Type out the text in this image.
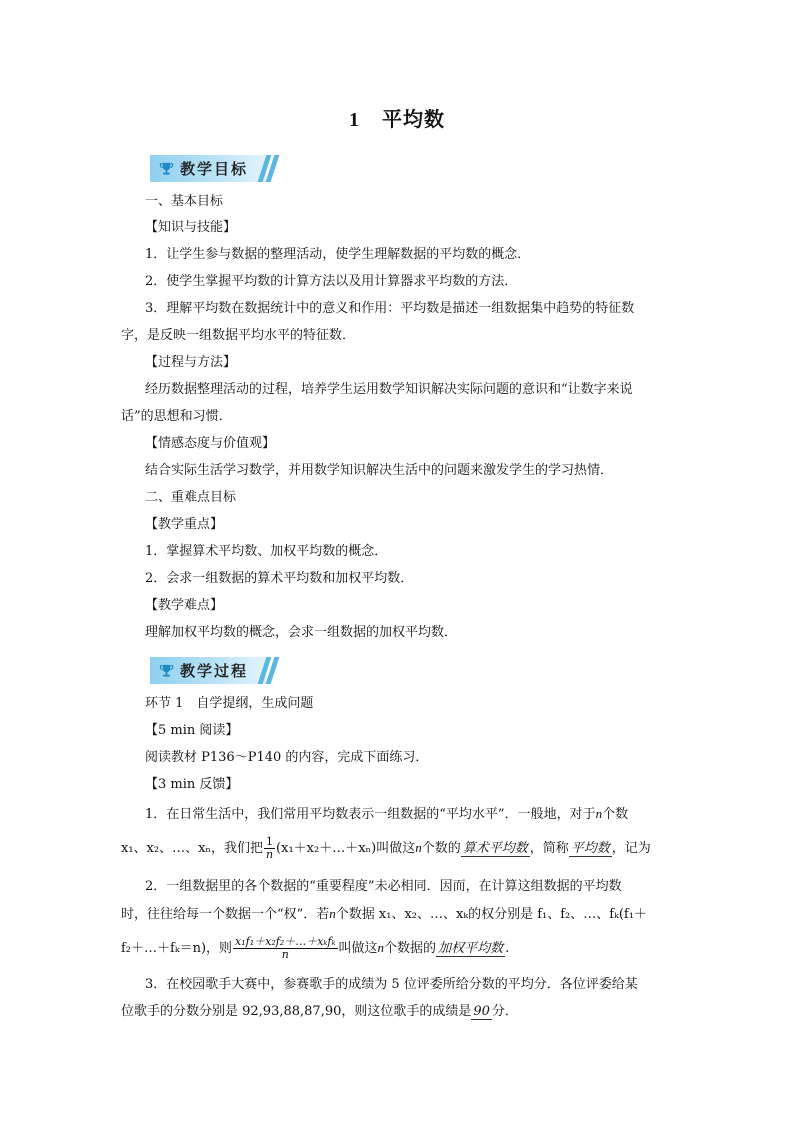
1 平均数
教学目标
一、基本目标
【知识与技能】
1．让学生参与数据的整理活动，使学生理解数据的平均数的概念．
2．使学生掌握平均数的计算方法以及用计算器求平均数的方法．
3．理解平均数在数据统计中的意义和作用：平均数是描述一组数据集中趋势的特征数
字，是反映一组数据平均水平的特征数．
【过程与方法】
经历数据整理活动的过程，培养学生运用数学知识解决实际问题的意识和“让数字来说
话”的思想和习惯．
【情感态度与价值观】
结合实际生活学习数学，并用数学知识解决生活中的问题来激发学生的学习热情．
二、重难点目标
【教学重点】
1．掌握算术平均数、加权平均数的概念．
2．会求一组数据的算术平均数和加权平均数．
【教学难点】
理解加权平均数的概念，会求一组数据的加权平均数．
教学过程
环节 1　自学提纲，生成问题
【5 min 阅读】
阅读教材 P136～P140 的内容，完成下面练习．
【3 min 反馈】
1．在日常生活中，我们常用平均数表示一组数据的“平均水平”．一般地，对于n个数
x₁、x₂、…、xₙ，我们把 $\frac{1}{n}$ (x₁＋x₂＋…＋xₙ)叫做这n个数的 算术平均数 ，简称 平均数 ，记为
2．一组数据里的各个数据的“重要程度”未必相同．因而，在计算这组数据的平均数
时，往往给每一个数据一个“权”．若n个数据 x₁、x₂、…、xₖ的权分别是 f₁、f₂、…、fₖ(f₁＋
f₂＋…＋fₖ＝n)，则 $\frac{\text{x₁f₁＋x₂f₂＋…＋xₖfₖ}}{n}$ 叫做这n个数据的 加权平均数 .
3．在校园歌手大赛中，参赛歌手的成绩为 5 位评委所给分数的平均分．各位评委给某
位歌手的分数分别是 92,93,88,87,90，则这位歌手的成绩是 90 分．
